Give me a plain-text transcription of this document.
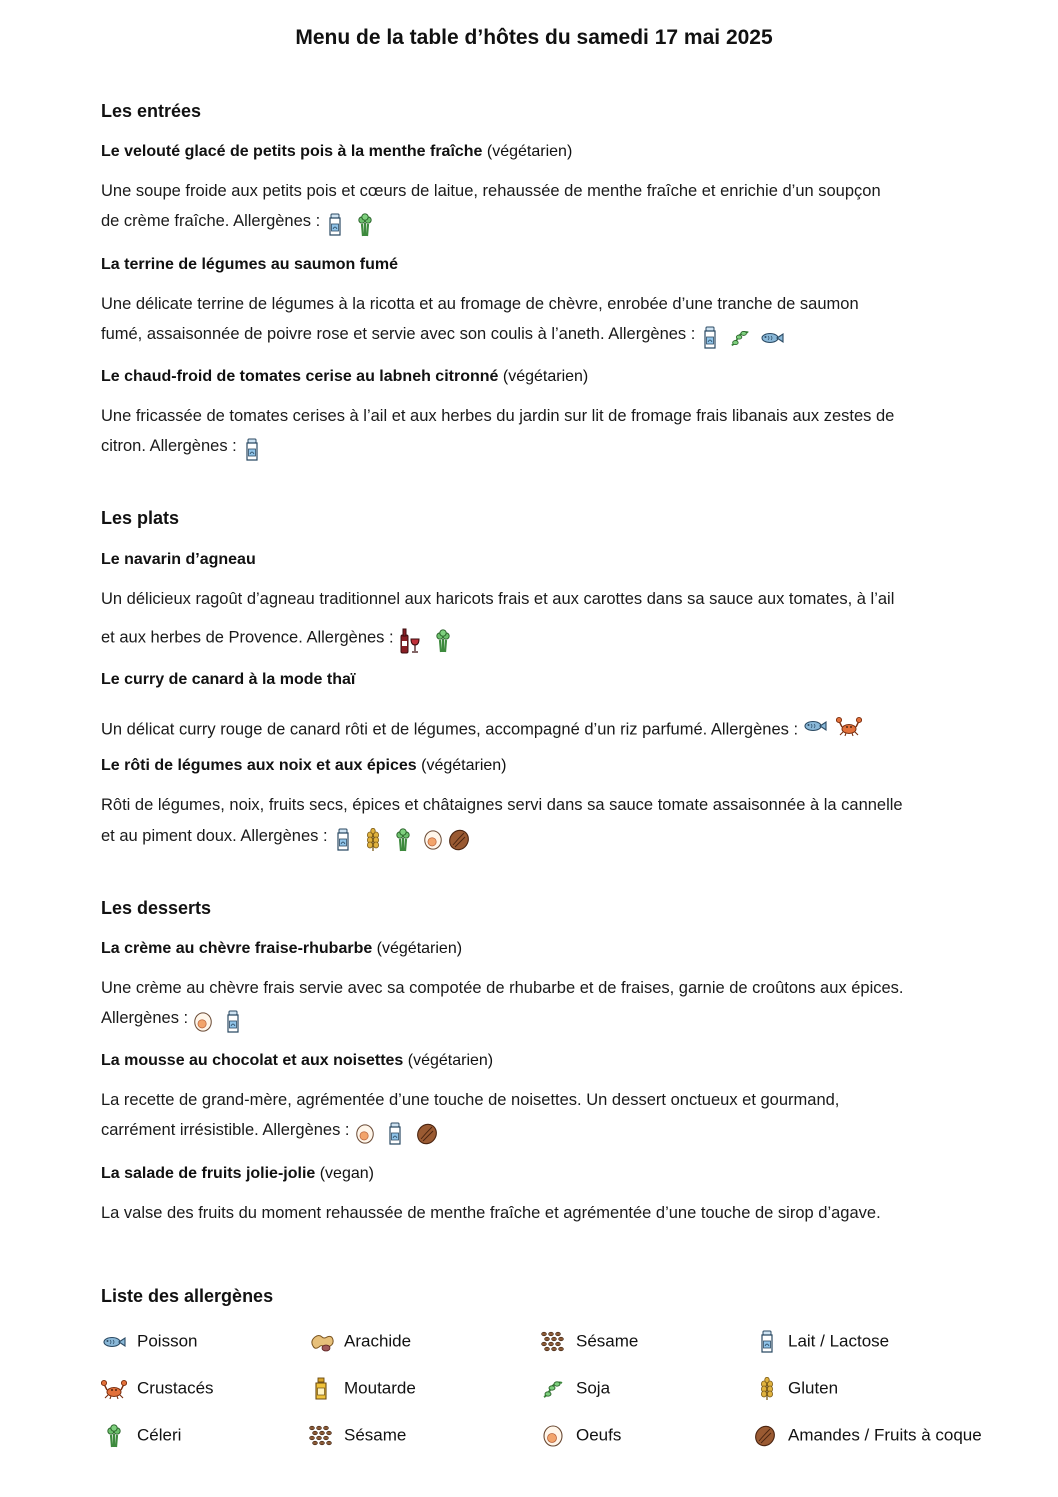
Menu de la table d’hôtes du samedi 17 mai 2025
Les entrées
Le velouté glacé de petits pois à la menthe fraîche (végétarien)
Une soupe froide aux petits pois et cœurs de laitue, rehaussée de menthe fraîche et enrichie d’un soupçon
de crème fraîche. Allergènes :
La terrine de légumes au saumon fumé
Une délicate terrine de légumes à la ricotta et au fromage de chèvre, enrobée d’une tranche de saumon
fumé, assaisonnée de poivre rose et servie avec son coulis à l’aneth. Allergènes :
Le chaud-froid de tomates cerise au labneh citronné (végétarien)
Une fricassée de tomates cerises à l’ail et aux herbes du jardin sur lit de fromage frais libanais aux zestes de
citron. Allergènes :
Les plats
Le navarin d’agneau
Un délicieux ragoût d’agneau traditionnel aux haricots frais et aux carottes dans sa sauce aux tomates, à l’ail
et aux herbes de Provence. Allergènes :
Le curry de canard à la mode thaï
Un délicat curry rouge de canard rôti et de légumes, accompagné d’un riz parfumé. Allergènes :
Le rôti de légumes aux noix et aux épices (végétarien)
Rôti de légumes, noix, fruits secs, épices et châtaignes servi dans sa sauce tomate assaisonnée à la cannelle
et au piment doux. Allergènes :
Les desserts
La crème au chèvre fraise-rhubarbe (végétarien)
Une crème au chèvre frais servie avec sa compotée de rhubarbe et de fraises, garnie de croûtons aux épices.
Allergènes :
La mousse au chocolat et aux noisettes (végétarien)
La recette de grand-mère, agrémentée d’une touche de noisettes. Un dessert onctueux et gourmand,
carrément irrésistible. Allergènes :
La salade de fruits jolie-jolie (vegan)
La valse des fruits du moment rehaussée de menthe fraîche et agrémentée d’une touche de sirop d’agave.
Liste des allergènes
Poisson	Arachide	Sésame	Lait / Lactose
Crustacés	Moutarde	Soja	Gluten
Céleri	Sésame	Oeufs	Amandes / Fruits à coque
